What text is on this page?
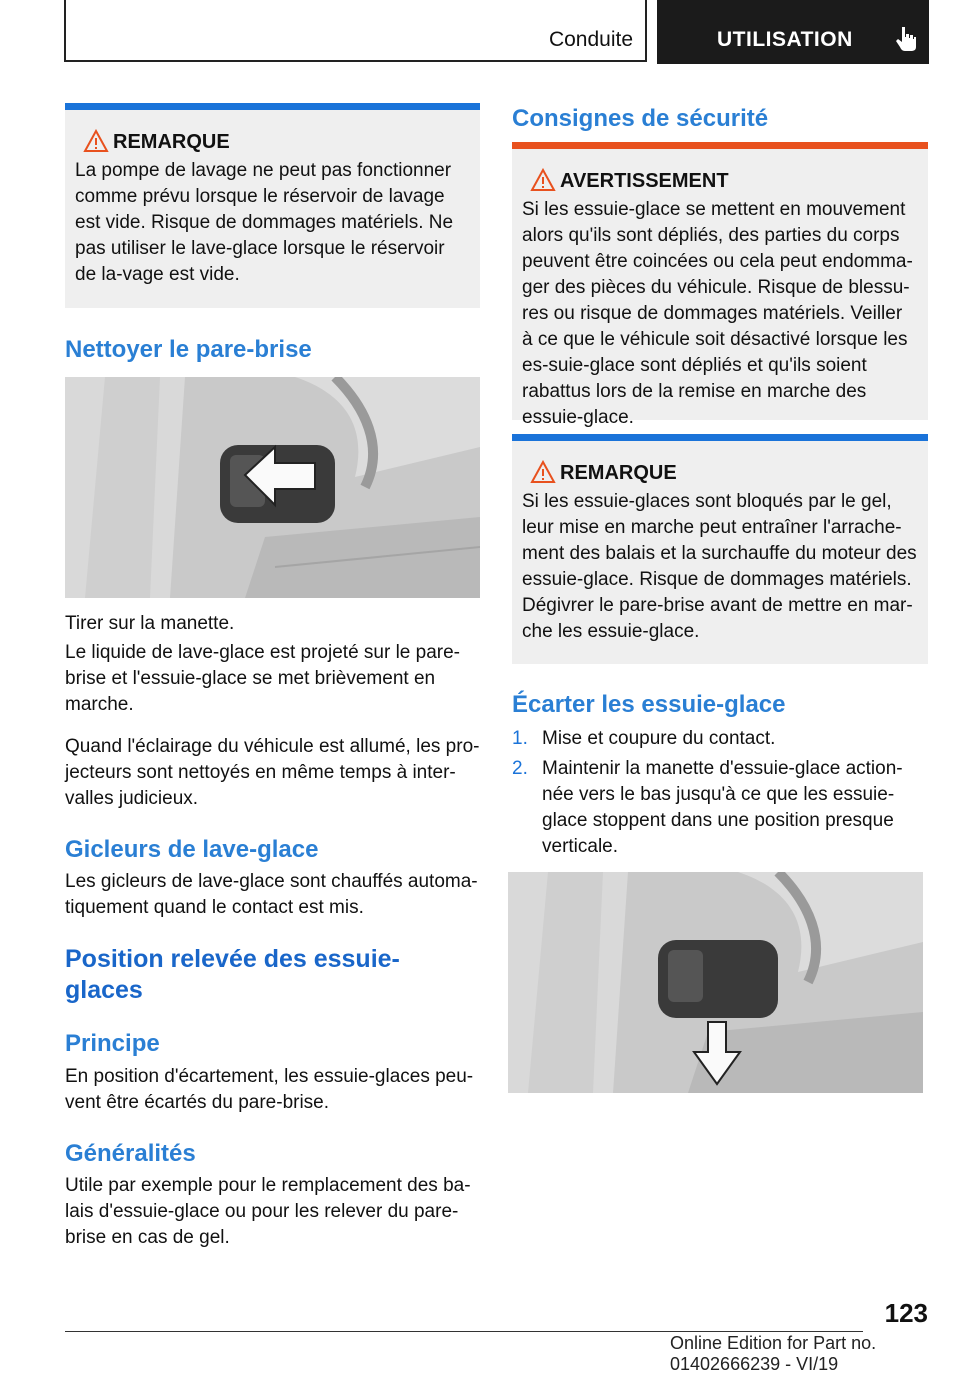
Conduite	UTILISATION
REMARQUE
La pompe de lavage ne peut pas fonctionner comme prévu lorsque le réservoir de lavage est vide. Risque de dommages matériels. Ne pas utiliser le lave-glace lorsque le réservoir de la-vage est vide.
Nettoyer le pare-brise

Tirer sur la manette.

Le liquide de lave-glace est projeté sur le pare-brise et l'essuie-glace se met brièvement en marche.

Quand l'éclairage du véhicule est allumé, les pro-jecteurs sont nettoyés en même temps à inter-valles judicieux.

Gicleurs de lave-glace

Les gicleurs de lave-glace sont chauffés automa-tiquement quand le contact est mis.

Position relevée des essuie-glaces
Principe

En position d'écartement, les essuie-glaces peu-vent être écartés du pare-brise.

Généralités

Utile par exemple pour le remplacement des ba-lais d'essuie-glace ou pour les relever du pare-brise en cas de gel.

Consignes de sécurité
AVERTISSEMENT
Si les essuie-glace se mettent en mouvement alors qu'ils sont dépliés, des parties du corps peuvent être coincées ou cela peut endomma-ger des pièces du véhicule. Risque de blessu-res ou risque de dommages matériels. Veiller à ce que le véhicule soit désactivé lorsque les es-suie-glace sont dépliés et qu'ils soient rabattus lors de la remise en marche des essuie-glace.
REMARQUE
Si les essuie-glaces sont bloqués par le gel, leur mise en marche peut entraîner l'arrache-ment des balais et la surchauffe du moteur des essuie-glace. Risque de dommages matériels. Dégivrer le pare-brise avant de mettre en mar-che les essuie-glace.
Écarter les essuie-glace
1. Mise et coupure du contact.
2. Maintenir la manette d'essuie-glace action-née vers le bas jusqu'à ce que les essuie-glace stoppent dans une position presque verticale.
123
Online Edition for Part no. 01402666239 - VI/19
